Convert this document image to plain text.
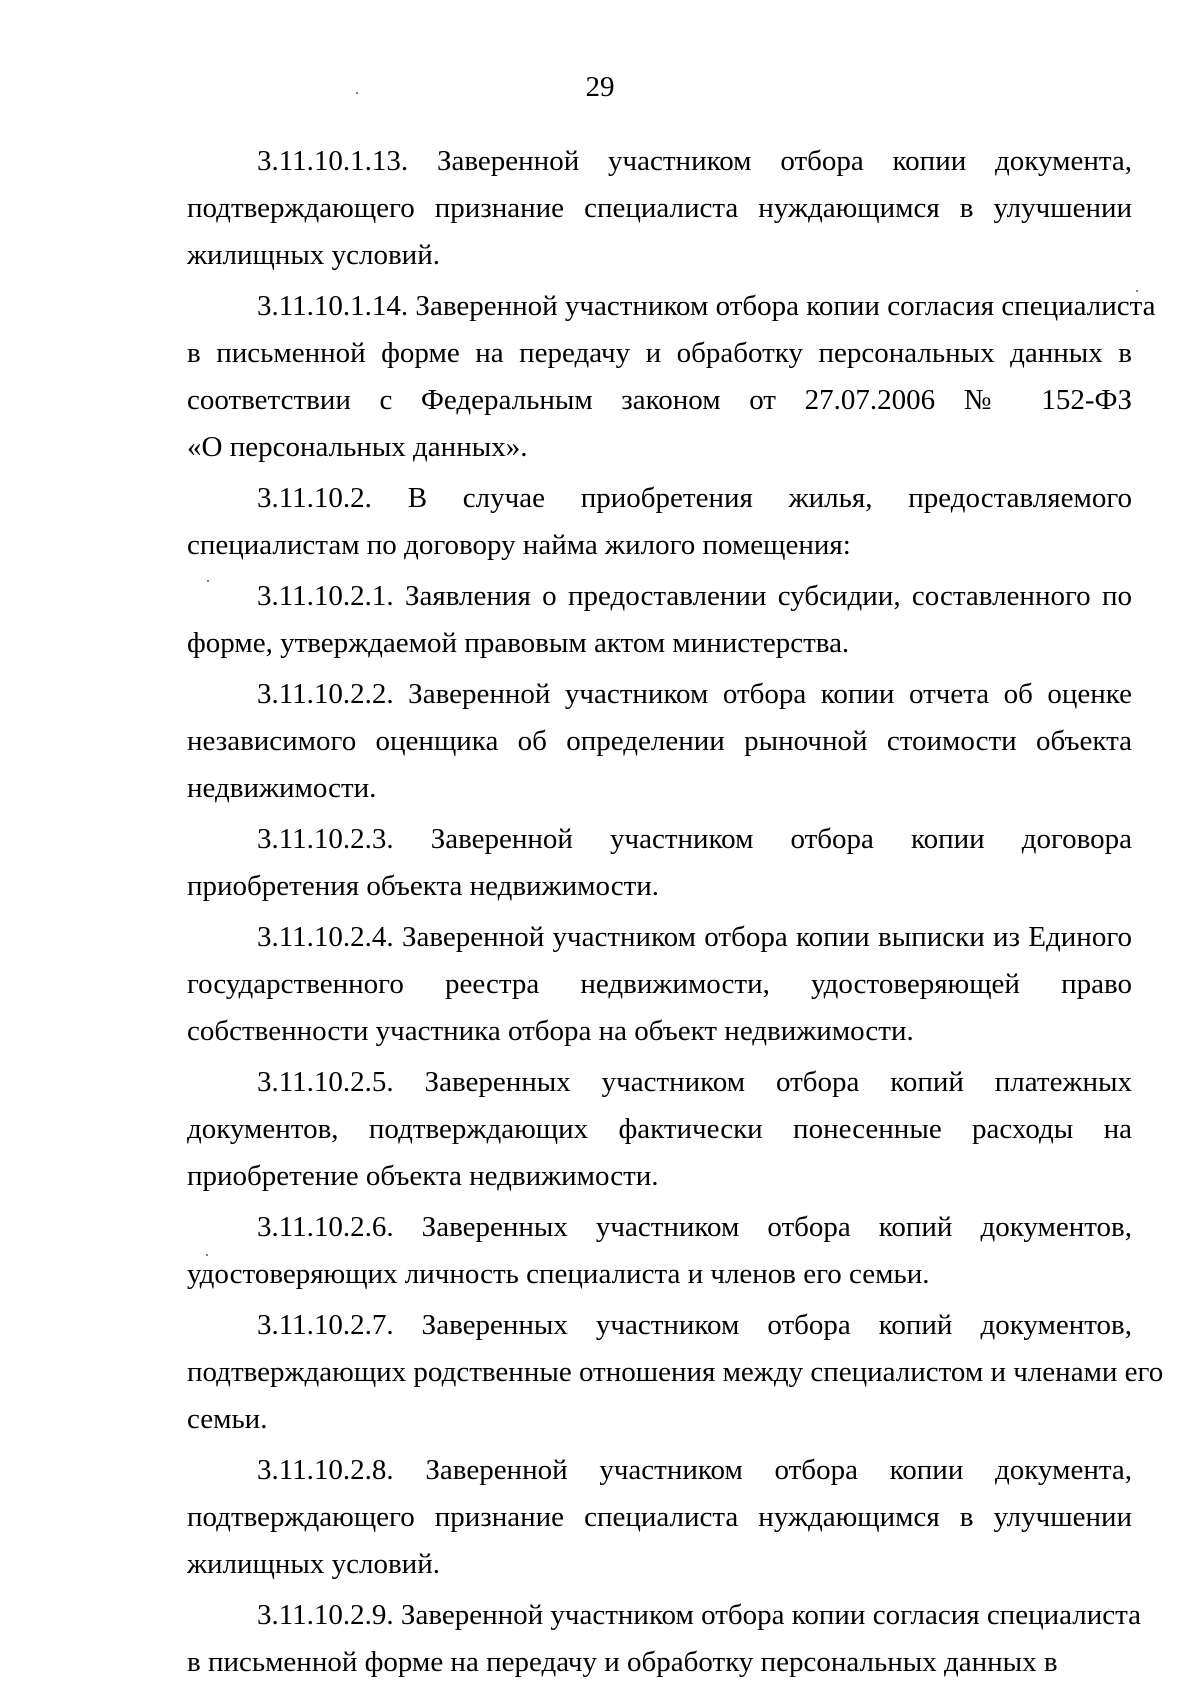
29

3.11.10.1.13. Заверенной участником отбора копии документа,
подтверждающего признание специалиста нуждающимся в улучшении
жилищных условий.

3.11.10.1.14. Заверенной участником отбора копии согласия специалиста
в письменной форме на передачу и обработку персональных данных в
соответствии с Федеральным законом от 27.07.2006 № 152-ФЗ
«О персональных данных».

3.11.10.2. В случае приобретения жилья, предоставляемого
специалистам по договору найма жилого помещения:

3.11.10.2.1. Заявления о предоставлении субсидии, составленного по
форме, утверждаемой правовым актом министерства.

3.11.10.2.2. Заверенной участником отбора копии отчета об оценке
независимого оценщика об определении рыночной стоимости объекта
недвижимости.

3.11.10.2.3. Заверенной участником отбора копии договора
приобретения объекта недвижимости.

3.11.10.2.4. Заверенной участником отбора копии выписки из Единого
государственного реестра недвижимости, удостоверяющей право
собственности участника отбора на объект недвижимости.

3.11.10.2.5. Заверенных участником отбора копий платежных
документов, подтверждающих фактически понесенные расходы на
приобретение объекта недвижимости.

3.11.10.2.6. Заверенных участником отбора копий документов,
удостоверяющих личность специалиста и членов его семьи.

3.11.10.2.7. Заверенных участником отбора копий документов,
подтверждающих родственные отношения между специалистом и членами его
семьи.

3.11.10.2.8. Заверенной участником отбора копии документа,
подтверждающего признание специалиста нуждающимся в улучшении
жилищных условий.

3.11.10.2.9. Заверенной участником отбора копии согласия специалиста
в письменной форме на передачу и обработку персональных данных в
